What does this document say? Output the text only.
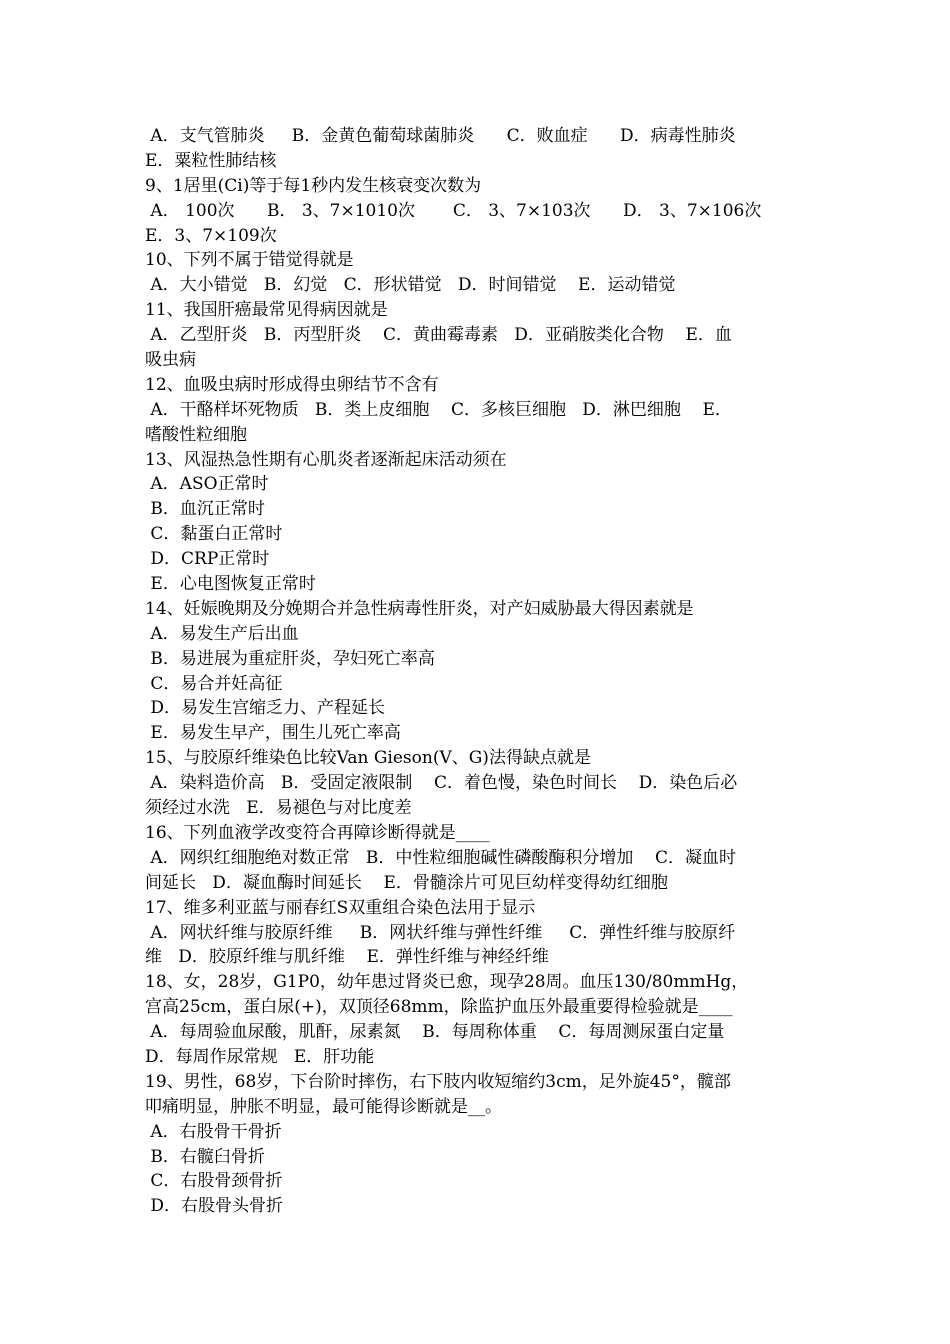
A．支气管肺炎     B．金黄色葡萄球菌肺炎      C．败血症      D．病毒性肺炎
E．粟粒性肺结核
9、1居里(Ci)等于每1秒内发生核衰变次数为
A． 100次      B． 3、7×1010次       C． 3、7×103次      D． 3、7×106次
E．3、7×109次
10、下列不属于错觉得就是
A．大小错觉   B．幻觉   C．形状错觉   D．时间错觉    E．运动错觉
11、我国肝癌最常见得病因就是
A．乙型肝炎   B．丙型肝炎    C．黄曲霉毒素   D．亚硝胺类化合物    E．血
吸虫病
12、血吸虫病时形成得虫卵结节不含有
A．干酪样坏死物质   B．类上皮细胞    C．多核巨细胞   D．淋巴细胞    E．
嗜酸性粒细胞
13、风湿热急性期有心肌炎者逐渐起床活动须在
A．ASO正常时
B．血沉正常时
C．黏蛋白正常时
D．CRP正常时
E．心电图恢复正常时
14、妊娠晚期及分娩期合并急性病毒性肝炎，对产妇威胁最大得因素就是
A．易发生产后出血
B．易进展为重症肝炎，孕妇死亡率高
C．易合并妊高征
D．易发生宫缩乏力、产程延长
E．易发生早产，围生儿死亡率高
15、与胶原纤维染色比较Van Gieson(V、G)法得缺点就是
A．染料造价高   B．受固定液限制    C．着色慢，染色时间长    D．染色后必
须经过水洗   E．易褪色与对比度差
16、下列血液学改变符合再障诊断得就是____
A．网织红细胞绝对数正常   B．中性粒细胞碱性磷酸酶积分增加    C．凝血时
间延长   D．凝血酶时间延长    E．骨髓涂片可见巨幼样变得幼红细胞
17、维多利亚蓝与丽春红S双重组合染色法用于显示
A．网状纤维与胶原纤维     B．网状纤维与弹性纤维     C．弹性纤维与胶原纤
维   D．胶原纤维与肌纤维    E．弹性纤维与神经纤维
18、女，28岁，G1P0，幼年患过肾炎已愈，现孕28周。血压130/80mmHg，
宫高25cm，蛋白尿(+)，双顶径68mm，除监护血压外最重要得检验就是____
A．每周验血尿酸，肌酐，尿素氮    B．每周称体重    C．每周测尿蛋白定量
D．每周作尿常规   E．肝功能
19、男性，68岁，下台阶时摔伤，右下肢内收短缩约3cm，足外旋45°，髋部
叩痛明显，肿胀不明显，最可能得诊断就是__。
A．右股骨干骨折
B．右髋臼骨折
C．右股骨颈骨折
D．右股骨头骨折
